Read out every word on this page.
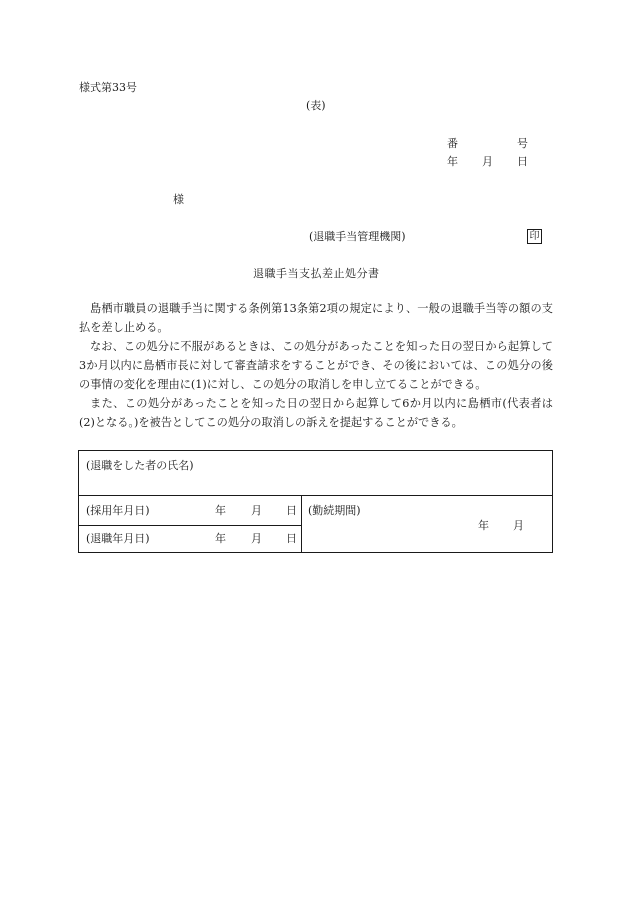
様式第33号
(表)
番	号
年 月 日
様
(退職手当管理機関)	印
退職手当支払差止処分書

島栖市職員の退職手当に関する条例第13条第2項の規定により、一般の退職手当等の額の支払を差し止める。

なお、この処分に不服があるときは、この処分があったことを知った日の翌日から起算して3か月以内に島栖市長に対して審査請求をすることができ、その後においては、この処分の後の事情の変化を理由に(1)に対し、この処分の取消しを申し立てることができる。

また、この処分があったことを知った日の翌日から起算して6か月以内に島栖市(代表者は(2)となる。)を被告としてこの処分の取消しの訴えを提起することができる。

(退職をした者の氏名)

(採用年月日)	年 月 日	(勤続期間)
年 月

(退職年月日)	年 月 日
